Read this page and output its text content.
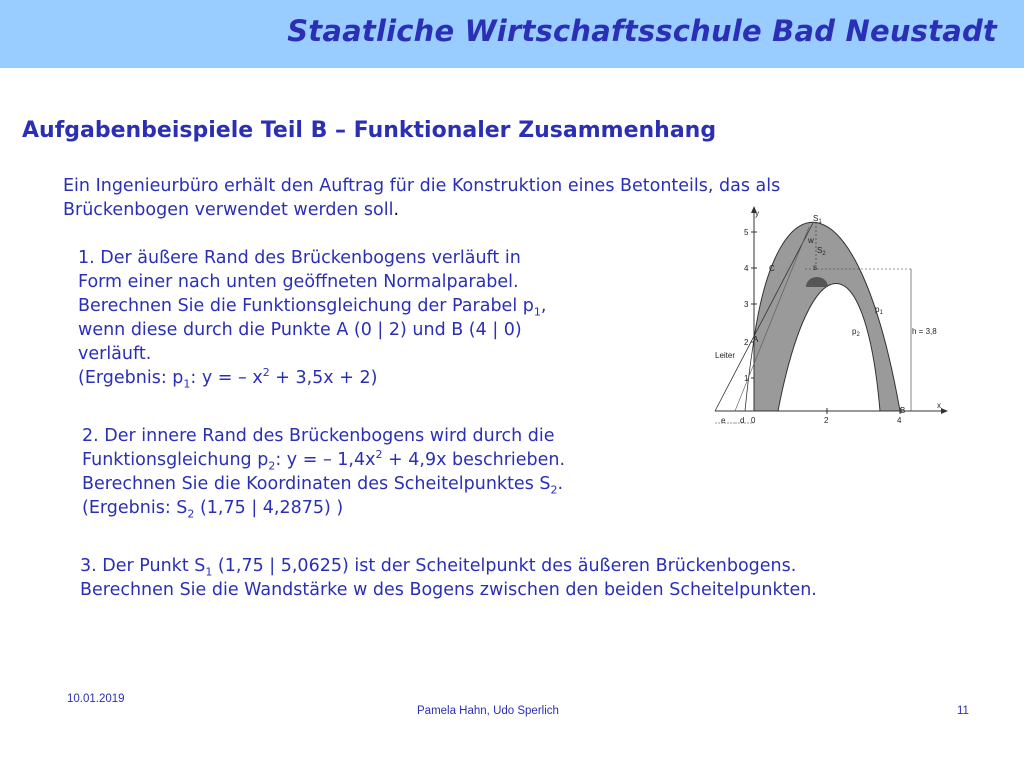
Staatliche Wirtschaftsschule Bad Neustadt
Aufgabenbeispiele Teil B – Funktionaler Zusammenhang
Ein Ingenieurbüro erhält den Auftrag für die Konstruktion eines Betonteils, das als
Brückenbogen verwendet werden soll.
1. Der äußere Rand des Brückenbogens verläuft in
Form einer nach unten geöffneten Normalparabel.
Berechnen Sie die Funktionsgleichung der Parabel $p_1$,
wenn diese durch die Punkte A (0 | 2) und B (4 | 0)
verläuft.
(Ergebnis: $p_1$: y = – $x^2 + 3,5x + 2$)
2. Der innere Rand des Brückenbogens wird durch die
Funktionsgleichung $p_2$: y = – $1,4x^2 + 4,9x$ beschrieben.
Berechnen Sie die Koordinaten des Scheitelpunktes $S_2$.
(Ergebnis: $S_2$ (1,75 | 4,2875) )
3. Der Punkt $S_1$ (1,75 | 5,0625) ist der Scheitelpunkt des äußeren Brückenbogens.
Berechnen Sie die Wandstärke w des Bogens zwischen den beiden Scheitelpunkten.
y
x
1
2
3
4
5
0	2	4
$S_1$
w
$S_2$
s
C
A
B
$p_1$
$p_2$	h = 3,8
Leiter
e d
10.01.2019
Pamela Hahn, Udo Sperlich	11
